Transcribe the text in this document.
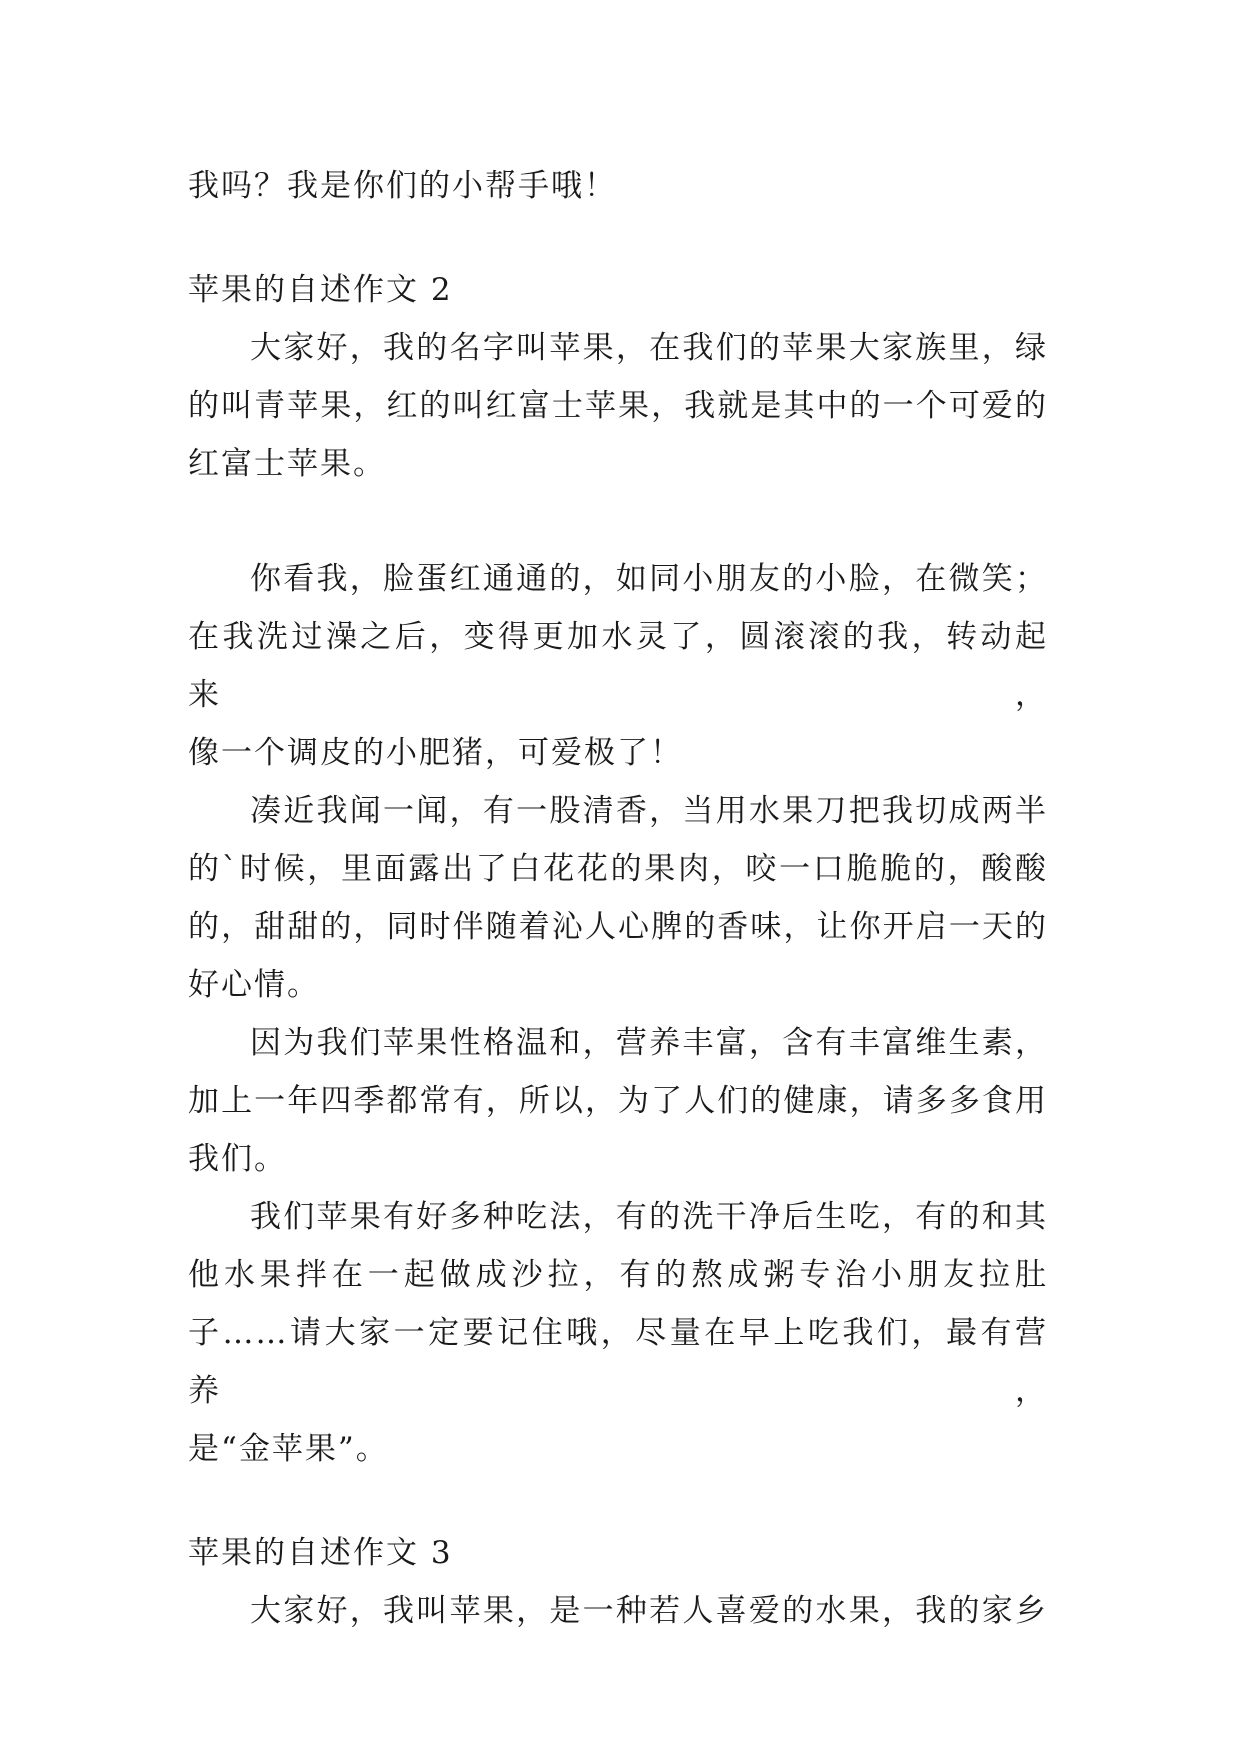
我吗？我是你们的小帮手哦！

苹果的自述作文 2

大家好，我的名字叫苹果，在我们的苹果大家族里，绿
的叫青苹果，红的叫红富士苹果，我就是其中的一个可爱的
红富士苹果。

你看我，脸蛋红通通的，如同小朋友的小脸，在微笑；
在我洗过澡之后，变得更加水灵了，圆滚滚的我，转动起来，
像一个调皮的小肥猪，可爱极了！

凑近我闻一闻，有一股清香，当用水果刀把我切成两半
的`时候，里面露出了白花花的果肉，咬一口脆脆的，酸酸
的，甜甜的，同时伴随着沁人心脾的香味，让你开启一天的
好心情。

因为我们苹果性格温和，营养丰富，含有丰富维生素，
加上一年四季都常有，所以，为了人们的健康，请多多食用
我们。

我们苹果有好多种吃法，有的洗干净后生吃，有的和其
他水果拌在一起做成沙拉，有的熬成粥专治小朋友拉肚
子……请大家一定要记住哦，尽量在早上吃我们，最有营养，
是“金苹果”。

苹果的自述作文 3

大家好，我叫苹果，是一种若人喜爱的水果，我的家乡
